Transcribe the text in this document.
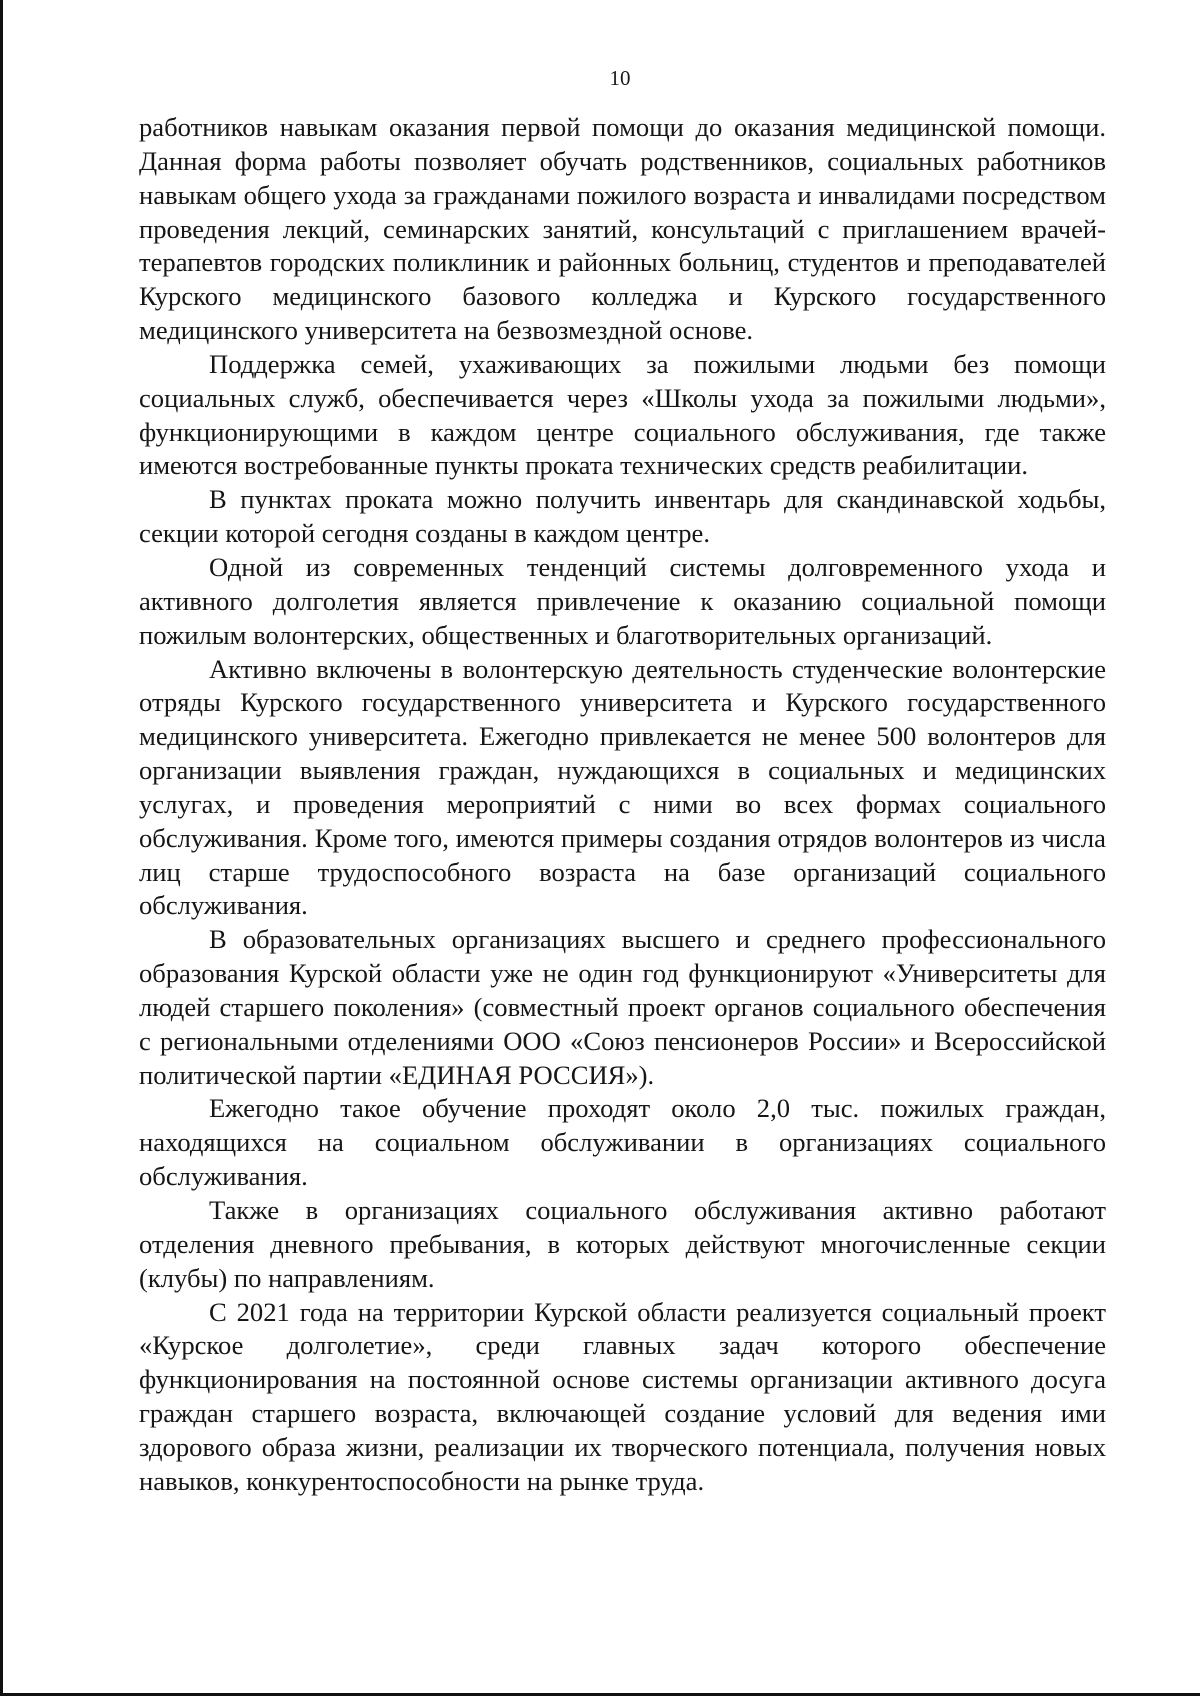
10

работников навыкам оказания первой помощи до оказания медицинской помощи. Данная форма работы позволяет обучать родственников, социальных работников навыкам общего ухода за гражданами пожилого возраста и инвалидами посредством проведения лекций, семинарских занятий, консультаций с приглашением врачей-терапевтов городских поликлиник и районных больниц, студентов и преподавателей Курского медицинского базового колледжа и Курского государственного медицинского университета на безвозмездной основе.

Поддержка семей, ухаживающих за пожилыми людьми без помощи социальных служб, обеспечивается через «Школы ухода за пожилыми людьми», функционирующими в каждом центре социального обслуживания, где также имеются востребованные пункты проката технических средств реабилитации.

В пунктах проката можно получить инвентарь для скандинавской ходьбы, секции которой сегодня созданы в каждом центре.

Одной из современных тенденций системы долговременного ухода и активного долголетия является привлечение к оказанию социальной помощи пожилым волонтерских, общественных и благотворительных организаций.

Активно включены в волонтерскую деятельность студенческие волонтерские отряды Курского государственного университета и Курского государственного медицинского университета. Ежегодно привлекается не менее 500 волонтеров для организации выявления граждан, нуждающихся в социальных и медицинских услугах, и проведения мероприятий с ними во всех формах социального обслуживания. Кроме того, имеются примеры создания отрядов волонтеров из числа лиц старше трудоспособного возраста на базе организаций социального обслуживания.

В образовательных организациях высшего и среднего профессионального образования Курской области уже не один год функционируют «Университеты для людей старшего поколения» (совместный проект органов социального обеспечения с региональными отделениями ООО «Союз пенсионеров России» и Всероссийской политической партии «ЕДИНАЯ РОССИЯ»).

Ежегодно такое обучение проходят около 2,0 тыс. пожилых граждан, находящихся на социальном обслуживании в организациях социального обслуживания.

Также в организациях социального обслуживания активно работают отделения дневного пребывания, в которых действуют многочисленные секции (клубы) по направлениям.

С 2021 года на территории Курской области реализуется социальный проект «Курское долголетие», среди главных задач которого обеспечение функционирования на постоянной основе системы организации активного досуга граждан старшего возраста, включающей создание условий для ведения ими здорового образа жизни, реализации их творческого потенциала, получения новых навыков, конкурентоспособности на рынке труда.
